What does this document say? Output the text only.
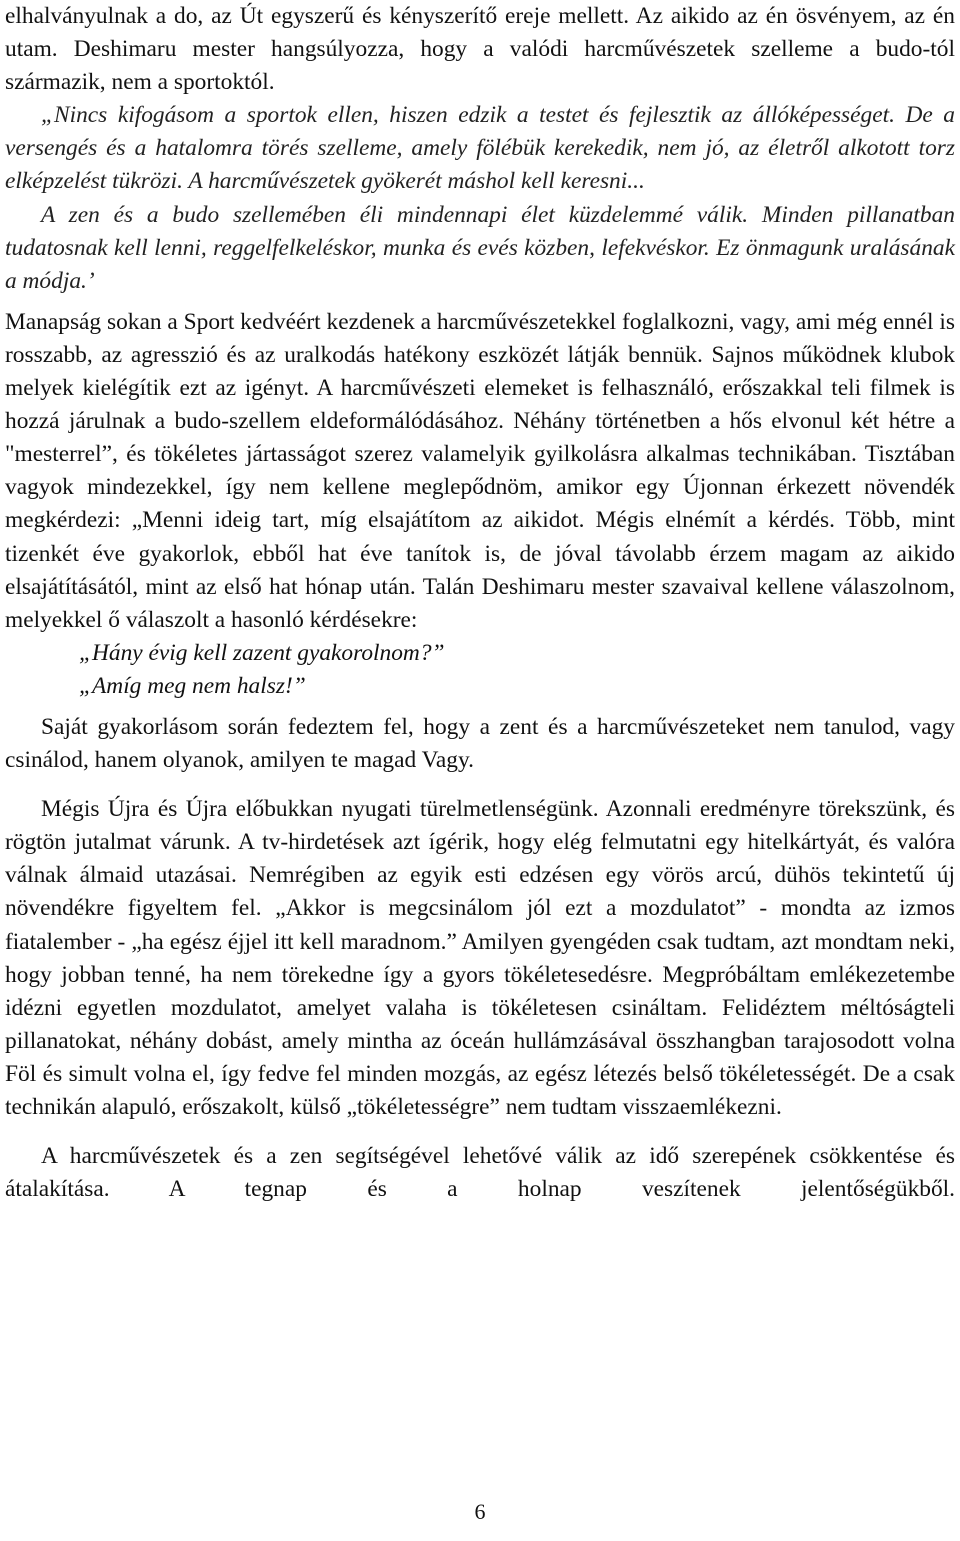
elhalványulnak a do, az Út egyszerű és kényszerítő ereje mellett. Az aikido az én ösvényem, az én utam. Deshimaru mester hangsúlyozza, hogy a valódi harcművészetek szelleme a budo-tól származik, nem a sportoktól.

„Nincs kifogásom a sportok ellen, hiszen edzik a testet és fejlesztik az állóképességet. De a versengés és a hatalomra törés szelleme, amely fölébük kerekedik, nem jó, az életről alkotott torz elképzelést tükrözi. A harcművészetek gyökerét máshol kell keresni...

A zen és a budo szellemében éli mindennapi élet küzdelemmé válik. Minden pillanatban tudatosnak kell lenni, reggelfelkeléskor, munka és evés közben, lefekvéskor. Ez önmagunk uralásának a módja.’

Manapság sokan a Sport kedvéért kezdenek a harcművészetekkel foglalkozni, vagy, ami még ennél is rosszabb, az agresszió és az uralkodás hatékony eszközét látják bennük. Sajnos működnek klubok melyek kielégítik ezt az igényt. A harcművészeti elemeket is felhasználó, erőszakkal teli filmek is hozzá járulnak a budo-szellem eldeformálódásához. Néhány történetben a hős elvonul két hétre a "mesterrel”, és tökéletes jártasságot szerez valamelyik gyilkolásra alkalmas technikában. Tisztában vagyok mindezekkel, így nem kellene meglepődnöm, amikor egy Újonnan érkezett növendék megkérdezi: „Menni ideig tart, míg elsajátítom az aikidot. Mégis elnémít a kérdés. Több, mint tizenkét éve gyakorlok, ebből hat éve tanítok is, de jóval távolabb érzem magam az aikido elsajátításától, mint az első hat hónap után. Talán Deshimaru mester szavaival kellene válaszolnom, melyekkel ő válaszolt a hasonló kérdésekre:

„Hány évig kell zazent gyakorolnom?”

„Amíg meg nem halsz!”

Saját gyakorlásom során fedeztem fel, hogy a zent és a harcművészeteket nem tanulod, vagy csinálod, hanem olyanok, amilyen te magad Vagy.

Mégis Újra és Újra előbukkan nyugati türelmetlenségünk. Azonnali eredményre törekszünk, és rögtön jutalmat várunk. A tv-hirdetések azt ígérik, hogy elég felmutatni egy hitelkártyát, és valóra válnak álmaid utazásai. Nemrégiben az egyik esti edzésen egy vörös arcú, dühös tekintetű új növendékre figyeltem fel. „Akkor is megcsinálom jól ezt a mozdulatot” - mondta az izmos fiatalember - „ha egész éjjel itt kell maradnom.” Amilyen gyengéden csak tudtam, azt mondtam neki, hogy jobban tenné, ha nem törekedne így a gyors tökéletesedésre. Megpróbáltam emlékezetembe idézni egyetlen mozdulatot, amelyet valaha is tökéletesen csináltam. Felidéztem méltóságteli pillanatokat, néhány dobást, amely mintha az óceán hullámzásával összhangban tarajosodott volna Föl és simult volna el, így fedve fel minden mozgás, az egész létezés belső tökéletességét. De a csak technikán alapuló, erőszakolt, külső „tökéletességre” nem tudtam visszaemlékezni.

A harcművészetek és a zen segítségével lehetővé válik az idő szerepének csökkentése és átalakítása. A tegnap és a holnap veszítenek jelentőségükből.

6
